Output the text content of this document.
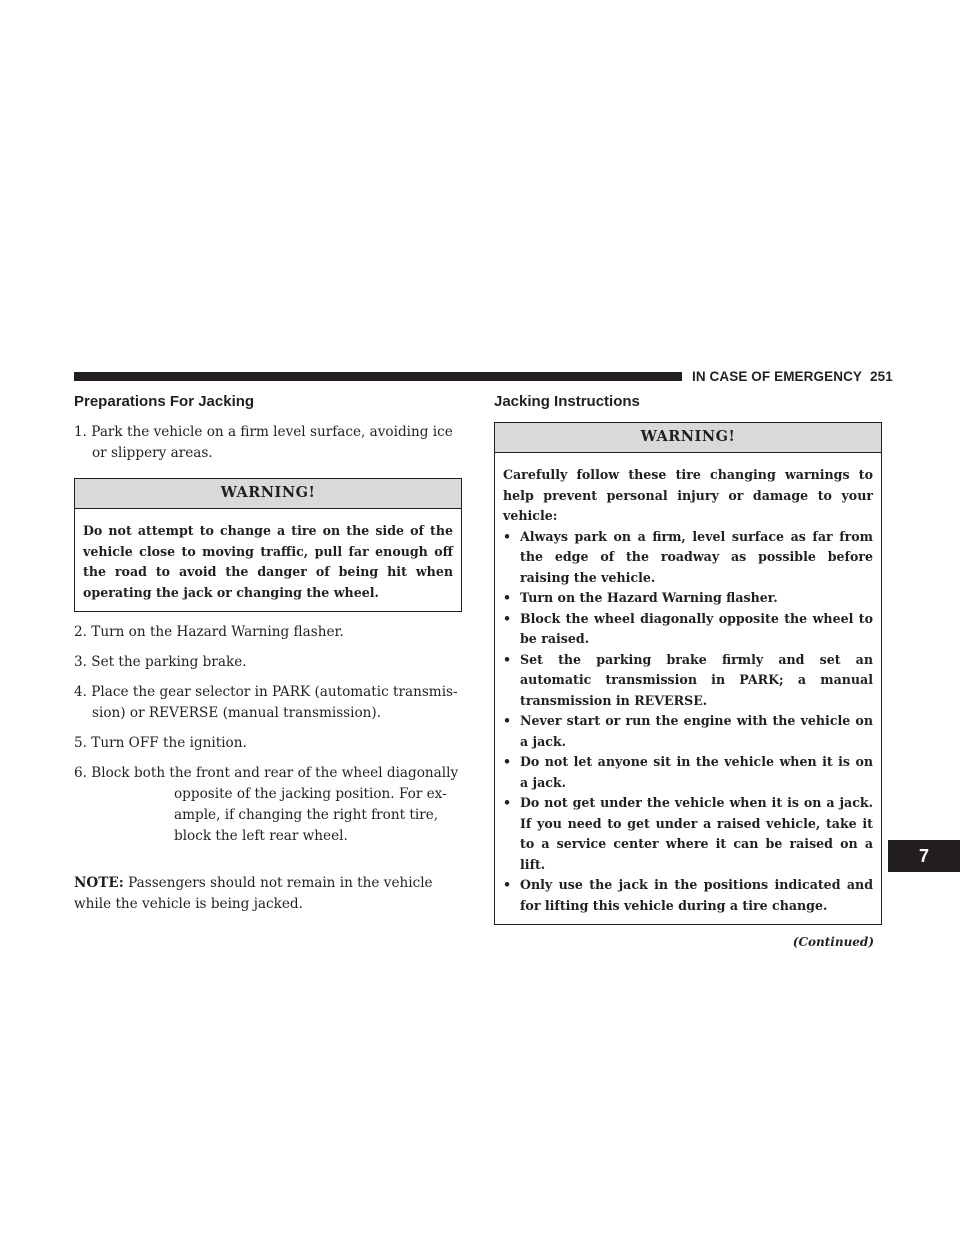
IN CASE OF EMERGENCY 251
Preparations For Jacking

1. Park the vehicle on a firm level surface, avoiding ice or slippery areas.

WARNING!
Do not attempt to change a tire on the side of the vehicle close to moving traffic, pull far enough off the road to avoid the danger of being hit when operating the jack or changing the wheel.

2. Turn on the Hazard Warning flasher.

3. Set the parking brake.

4. Place the gear selector in PARK (automatic transmis- sion) or REVERSE (manual transmission).

5. Turn OFF the ignition.

6. Block both the front and rear of the wheel diagonally opposite of the jacking position. For ex- ample, if changing the right front tire, block the left rear wheel.

NOTE: Passengers should not remain in the vehicle while the vehicle is being jacked.

Jacking Instructions
WARNING!

Carefully follow these tire changing warnings to help prevent personal injury or damage to your vehicle:

• Always park on a firm, level surface as far from the edge of the roadway as possible before raising the vehicle.
• Turn on the Hazard Warning flasher.
• Block the wheel diagonally opposite the wheel to be raised.
• Set the parking brake firmly and set an automatic transmission in PARK; a manual transmission in REVERSE.
• Never start or run the engine with the vehicle on a jack.
• Do not let anyone sit in the vehicle when it is on a jack.
• Do not get under the vehicle when it is on a jack. If you need to get under a raised vehicle, take it to a service center where it can be raised on a lift.
• Only use the jack in the positions indicated and for lifting this vehicle during a tire change.
(Continued)
7
